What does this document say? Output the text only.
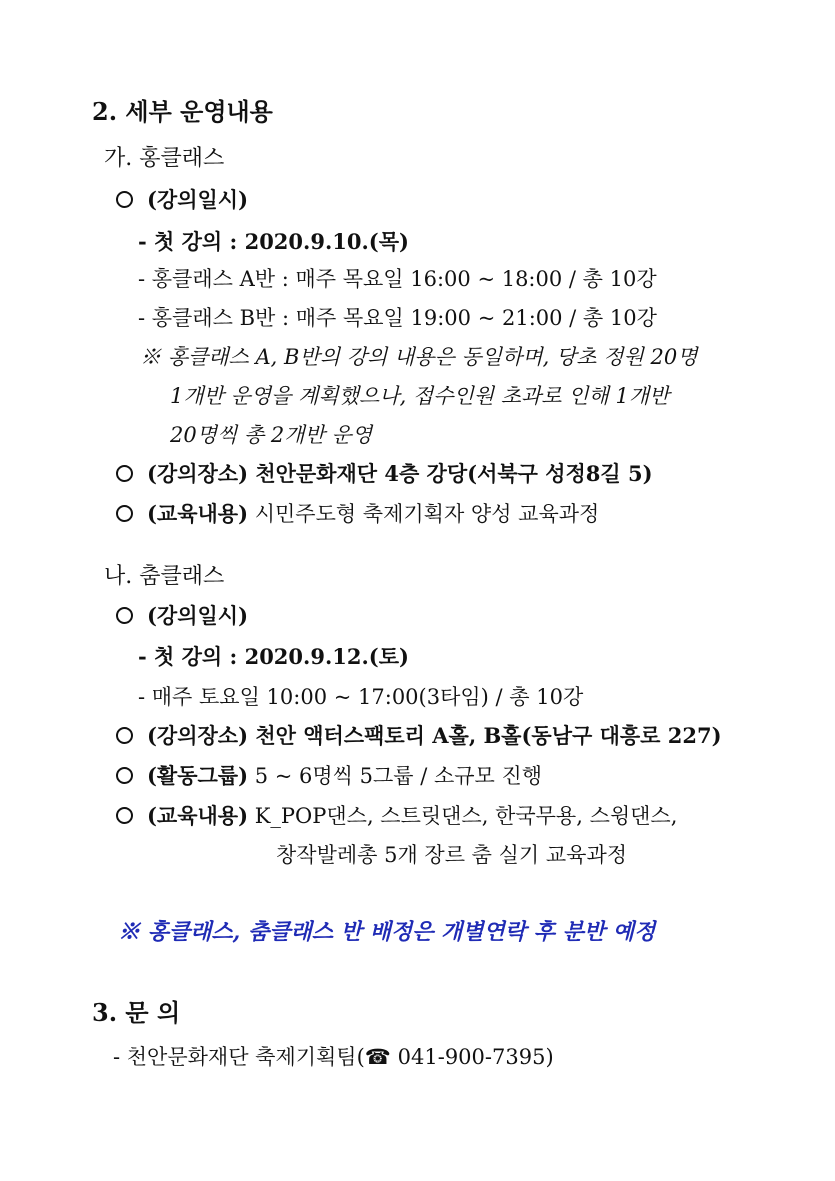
2. 세부 운영내용
가. 홍클래스
(강의일시)
- 첫 강의 : 2020.9.10.(목)
- 홍클래스 A반 : 매주 목요일 16:00 ~ 18:00 / 총 10강
- 홍클래스 B반 : 매주 목요일 19:00 ~ 21:00 / 총 10강
※ 홍클래스 A, B반의 강의 내용은 동일하며, 당초 정원 20명
1개반 운영을 계획했으나, 접수인원 초과로 인해 1개반
20명씩 총 2개반 운영
(강의장소) 천안문화재단 4층 강당(서북구 성정8길 5)
(교육내용) 시민주도형 축제기획자 양성 교육과정
나. 춤클래스
(강의일시)
- 첫 강의 : 2020.9.12.(토)
- 매주 토요일 10:00 ~ 17:00(3타임) / 총 10강
(강의장소) 천안 액터스팩토리 A홀, B홀(동남구 대흥로 227)
(활동그룹) 5 ~ 6명씩 5그룹 / 소규모 진행
(교육내용) K_POP댄스, 스트릿댄스, 한국무용, 스윙댄스,
창작발레총 5개 장르 춤 실기 교육과정
※ 홍클래스, 춤클래스 반 배정은 개별연락 후 분반 예정
3. 문 의
- 천안문화재단 축제기획팀(☎ 041-900-7395)
